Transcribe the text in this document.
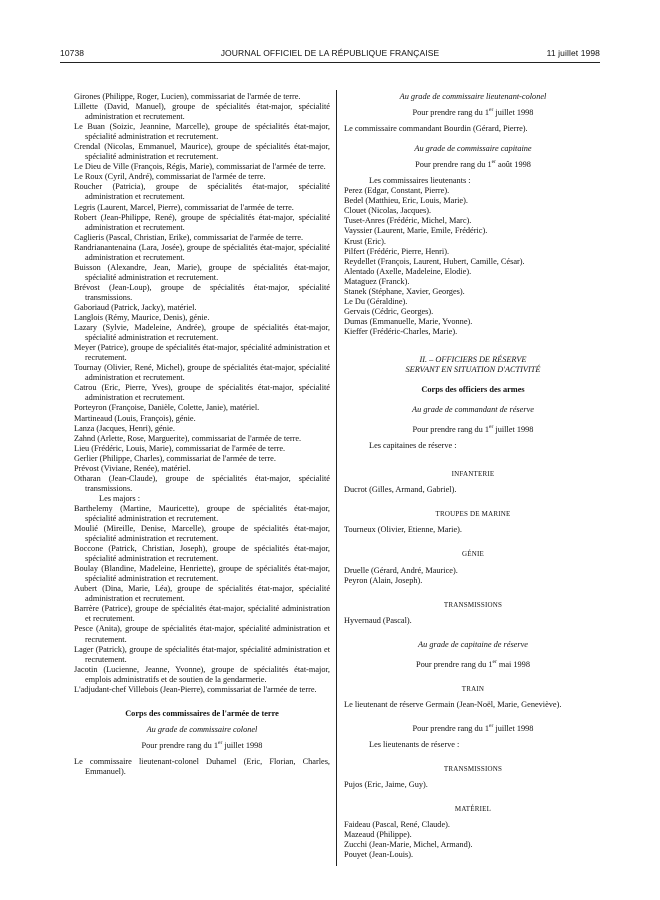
10738	JOURNAL OFFICIEL DE LA RÉPUBLIQUE FRANÇAISE	11 juillet 1998
Girones (Philippe, Roger, Lucien), commissariat de l'armée de terre.
Lillette (David, Manuel), groupe de spécialités état-major, spécialité administration et recrutement.
Le Buan (Soizic, Jeannine, Marcelle), groupe de spécialités état-major, spécialité administration et recrutement.
Crendal (Nicolas, Emmanuel, Maurice), groupe de spécialités état-major, spécialité administration et recrutement.
Le Dieu de Ville (François, Régis, Marie), commissariat de l'armée de terre.
Le Roux (Cyril, André), commissariat de l'armée de terre.
Roucher (Patricia), groupe de spécialités état-major, spécialité administration et recrutement.
Legris (Laurent, Marcel, Pierre), commissariat de l'armée de terre.
Robert (Jean-Philippe, René), groupe de spécialités état-major, spécialité administration et recrutement.
Caglieris (Pascal, Christian, Erike), commissariat de l'armée de terre.
Randrianantenaina (Lara, Josée), groupe de spécialités état-major, spécialité administration et recrutement.
Buisson (Alexandre, Jean, Marie), groupe de spécialités état-major, spécialité administration et recrutement.
Brévost (Jean-Loup), groupe de spécialités état-major, spécialité transmissions.
Gaboriaud (Patrick, Jacky), matériel.
Langlois (Rémy, Maurice, Denis), génie.
Lazary (Sylvie, Madeleine, Andrée), groupe de spécialités état-major, spécialité administration et recrutement.
Meyer (Patrice), groupe de spécialités état-major, spécialité administration et recrutement.
Tournay (Olivier, René, Michel), groupe de spécialités état-major, spécialité administration et recrutement.
Catrou (Eric, Pierre, Yves), groupe de spécialités état-major, spécialité administration et recrutement.
Porteyron (Françoise, Danièle, Colette, Janie), matériel.
Martineaud (Louis, François), génie.
Lanza (Jacques, Henri), génie.
Zahnd (Arlette, Rose, Marguerite), commissariat de l'armée de terre.
Lieu (Frédéric, Louis, Marie), commissariat de l'armée de terre.
Gerlier (Philippe, Charles), commissariat de l'armée de terre.
Prévost (Viviane, Renée), matériel.
Otharan (Jean-Claude), groupe de spécialités état-major, spécialité transmissions.
Les majors :
Barthelemy (Martine, Mauricette), groupe de spécialités état-major, spécialité administration et recrutement.
Moulié (Mireille, Denise, Marcelle), groupe de spécialités état-major, spécialité administration et recrutement.
Boccone (Patrick, Christian, Joseph), groupe de spécialités état-major, spécialité administration et recrutement.
Boulay (Blandine, Madeleine, Henriette), groupe de spécialités état-major, spécialité administration et recrutement.
Aubert (Dina, Marie, Léa), groupe de spécialités état-major, spécialité administration et recrutement.
Barrère (Patrice), groupe de spécialités état-major, spécialité administration et recrutement.
Pesce (Anita), groupe de spécialités état-major, spécialité administration et recrutement.
Lager (Patrick), groupe de spécialités état-major, spécialité administration et recrutement.
Jacotin (Lucienne, Jeanne, Yvonne), groupe de spécialités état-major, emplois administratifs et de soutien de la gendarmerie.
L'adjudant-chef Villebois (Jean-Pierre), commissariat de l'armée de terre.
Corps des commissaires de l'armée de terre
Au grade de commissaire colonel
Pour prendre rang du 1er juillet 1998
Le commissaire lieutenant-colonel Duhamel (Eric, Florian, Charles, Emmanuel).
Au grade de commissaire lieutenant-colonel
Pour prendre rang du 1er juillet 1998
Le commissaire commandant Bourdin (Gérard, Pierre).
Au grade de commissaire capitaine
Pour prendre rang du 1er août 1998
Les commissaires lieutenants :
Perez (Edgar, Constant, Pierre).
Bedel (Matthieu, Eric, Louis, Marie).
Clouet (Nicolas, Jacques).
Tuset-Anres (Frédéric, Michel, Marc).
Vayssier (Laurent, Marie, Emile, Frédéric).
Krust (Eric).
Pilfert (Frédéric, Pierre, Henri).
Reydellet (François, Laurent, Hubert, Camille, César).
Alentado (Axelle, Madeleine, Elodie).
Mataguez (Franck).
Stanek (Stéphane, Xavier, Georges).
Le Du (Géraldine).
Gervais (Cédric, Georges).
Dumas (Emmanuelle, Marie, Yvonne).
Kieffer (Frédéric-Charles, Marie).
II. – OFFICIERS DE RÉSERVE
SERVANT EN SITUATION D'ACTIVITÉ
Corps des officiers des armes
Au grade de commandant de réserve
Pour prendre rang du 1er juillet 1998
Les capitaines de réserve :
INFANTERIE
Ducrot (Gilles, Armand, Gabriel).
TROUPES DE MARINE
Tourneux (Olivier, Etienne, Marie).
GÉNIE
Druelle (Gérard, André, Maurice).
Peyron (Alain, Joseph).
TRANSMISSIONS
Hyvernaud (Pascal).
Au grade de capitaine de réserve
Pour prendre rang du 1er mai 1998
TRAIN
Le lieutenant de réserve Germain (Jean-Noël, Marie, Geneviève).
Pour prendre rang du 1er juillet 1998
Les lieutenants de réserve :
TRANSMISSIONS
Pujos (Eric, Jaime, Guy).
MATÉRIEL
Faideau (Pascal, René, Claude).
Mazeaud (Philippe).
Zucchi (Jean-Marie, Michel, Armand).
Pouyet (Jean-Louis).
